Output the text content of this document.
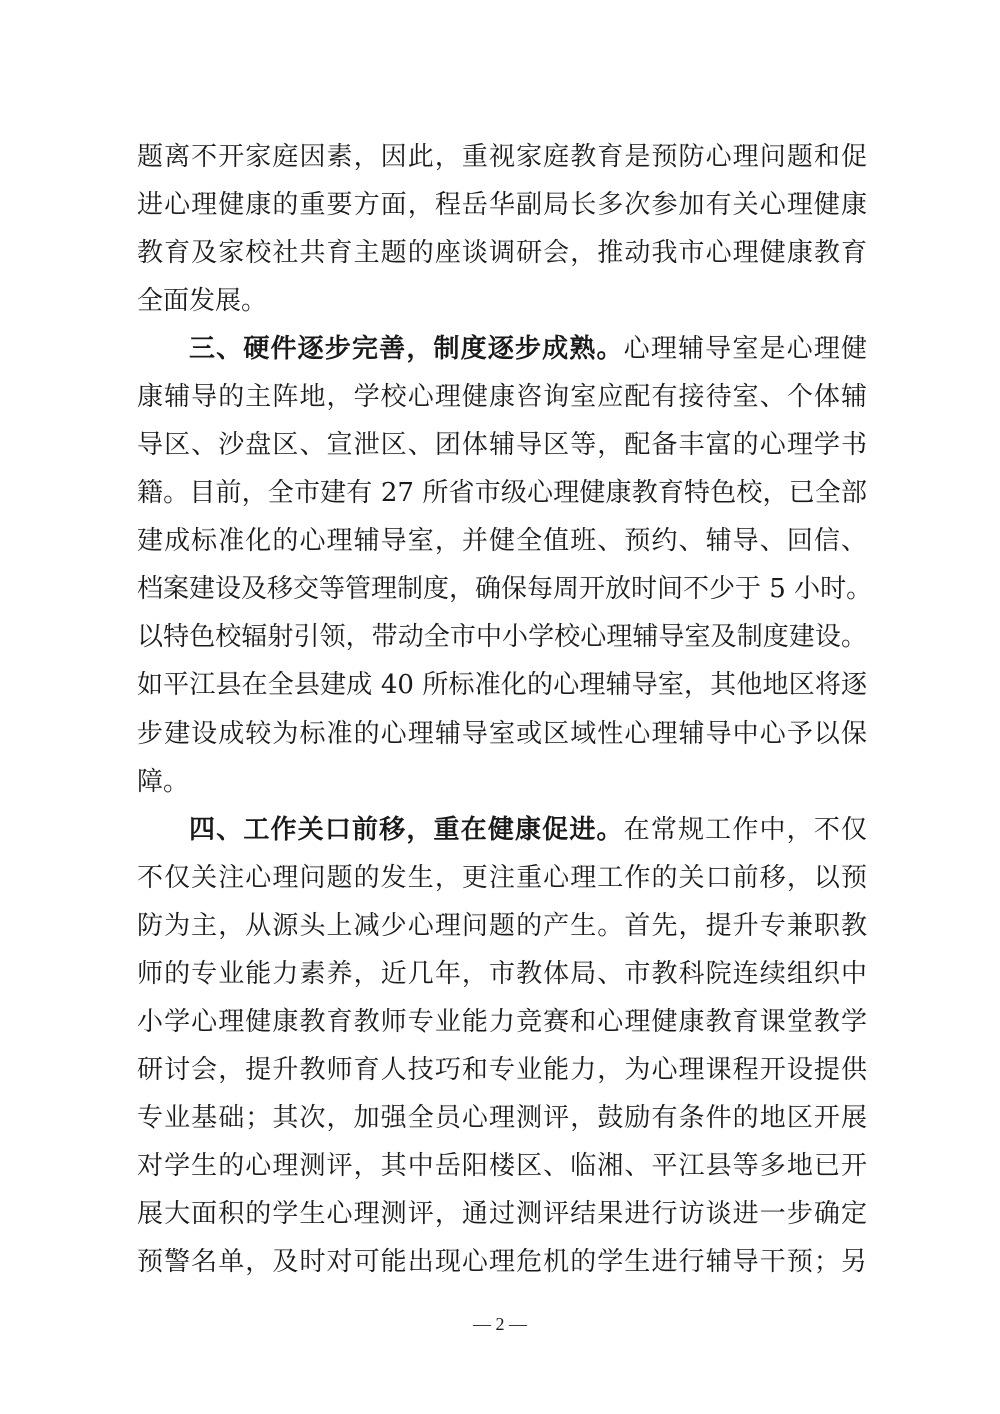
题离不开家庭因素，因此，重视家庭教育是预防心理问题和促
进心理健康的重要方面，程岳华副局长多次参加有关心理健康
教育及家校社共育主题的座谈调研会，推动我市心理健康教育
全面发展。
三、硬件逐步完善，制度逐步成熟。心理辅导室是心理健
康辅导的主阵地，学校心理健康咨询室应配有接待室、个体辅
导区、沙盘区、宣泄区、团体辅导区等，配备丰富的心理学书
籍。目前，全市建有 27 所省市级心理健康教育特色校，已全部
建成标准化的心理辅导室，并健全值班、预约、辅导、回信、
档案建设及移交等管理制度，确保每周开放时间不少于 5 小时。
以特色校辐射引领，带动全市中小学校心理辅导室及制度建设。
如平江县在全县建成 40 所标准化的心理辅导室，其他地区将逐
步建设成较为标准的心理辅导室或区域性心理辅导中心予以保
障。
四、工作关口前移，重在健康促进。在常规工作中，不仅
不仅关注心理问题的发生，更注重心理工作的关口前移，以预
防为主，从源头上减少心理问题的产生。首先，提升专兼职教
师的专业能力素养，近几年，市教体局、市教科院连续组织中
小学心理健康教育教师专业能力竞赛和心理健康教育课堂教学
研讨会，提升教师育人技巧和专业能力，为心理课程开设提供
专业基础；其次，加强全员心理测评，鼓励有条件的地区开展
对学生的心理测评，其中岳阳楼区、临湘、平江县等多地已开
展大面积的学生心理测评，通过测评结果进行访谈进一步确定
预警名单，及时对可能出现心理危机的学生进行辅导干预；另
— 2 —
